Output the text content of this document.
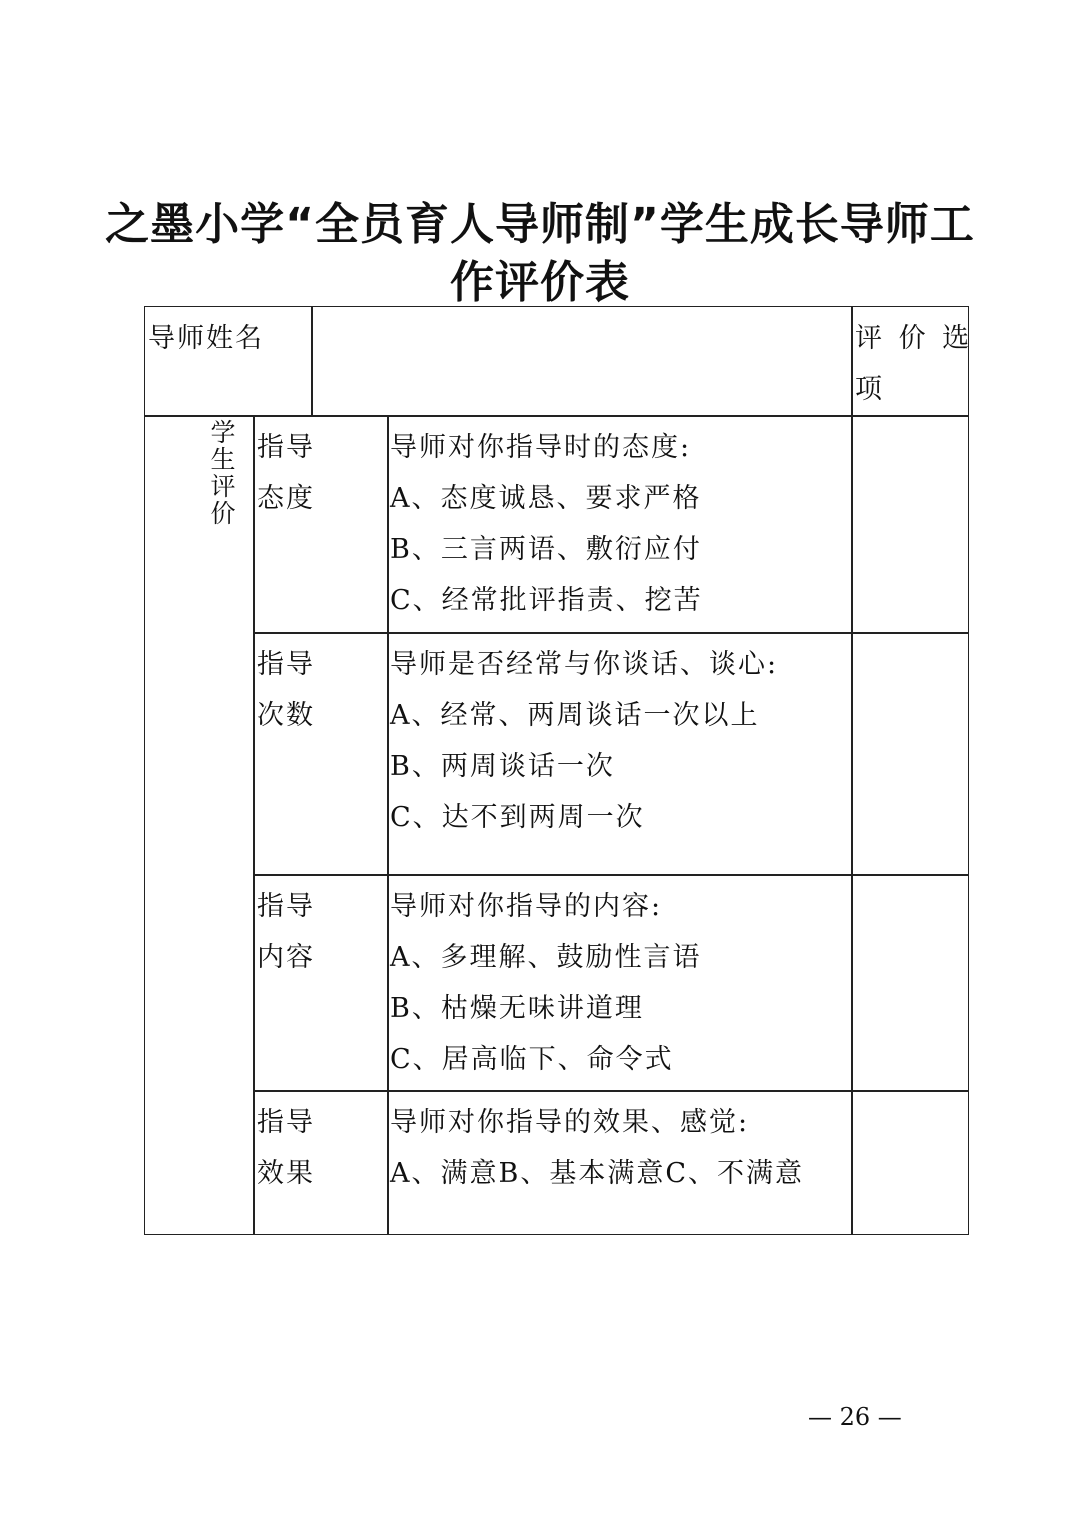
之墨小学“全员育人导师制”学生成长导师工
作评价表
导师姓名	评 价 选
项
学
生
评
价
指导
态度
导师对你指导时的态度:
A、态度诚恳、要求严格
B、三言两语、敷衍应付
C、经常批评指责、挖苦
指导
次数
导师是否经常与你谈话、谈心:
A、经常、两周谈话一次以上
B、两周谈话一次
C、达不到两周一次
指导
内容
导师对你指导的内容:
A、多理解、鼓励性言语
B、枯燥无味讲道理
C、居高临下、命令式
指导
效果
导师对你指导的效果、感觉:
A、满意B、基本满意C、不满意
— 26 —
